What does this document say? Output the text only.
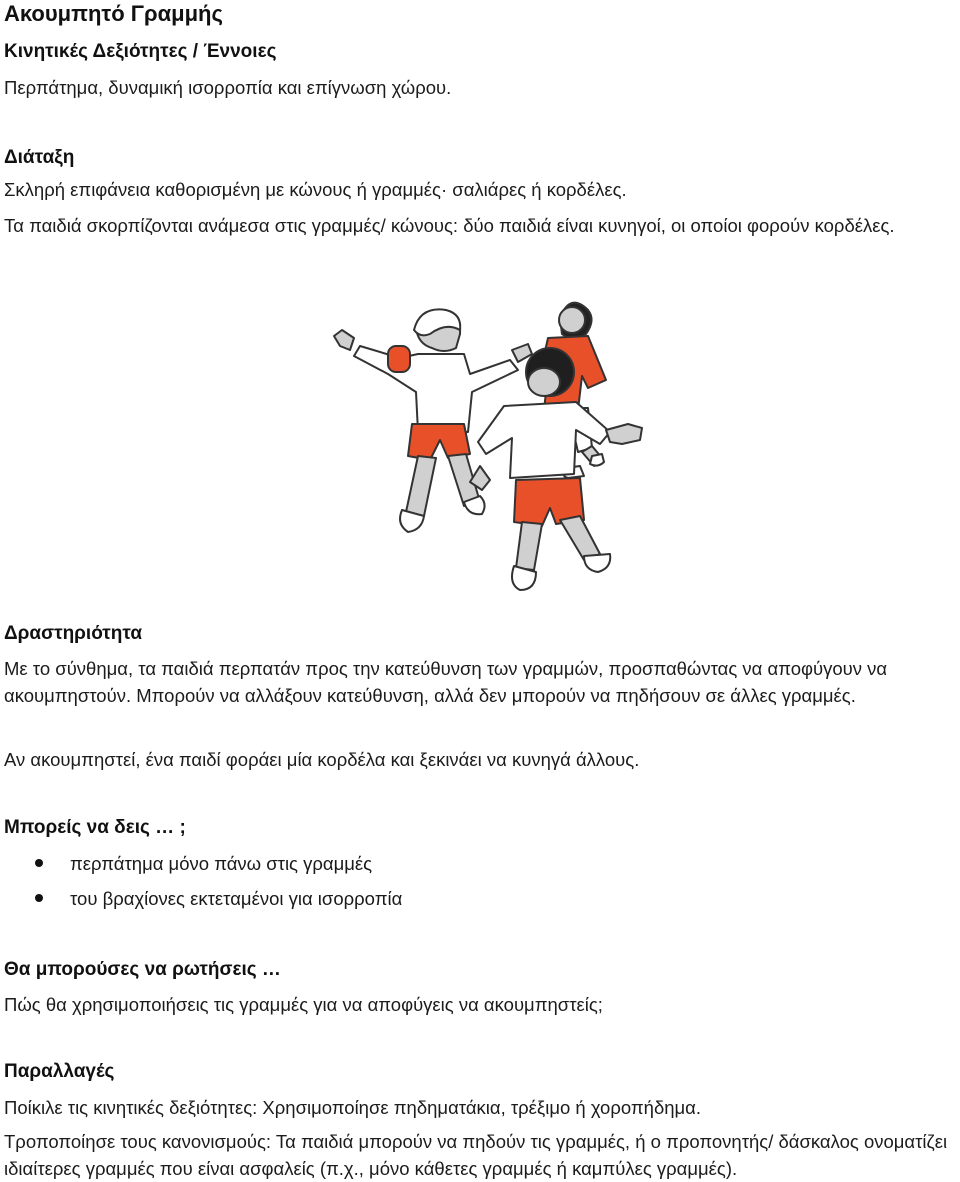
Ακουμπητό Γραμμής
Κινητικές Δεξιότητες / Έννοιες
Περπάτημα, δυναμική ισορροπία και επίγνωση χώρου.
Διάταξη
Σκληρή επιφάνεια καθορισμένη με κώνους ή γραμμές· σαλιάρες ή κορδέλες.
Τα παιδιά σκορπίζονται ανάμεσα στις γραμμές/ κώνους: δύο παιδιά είναι κυνηγοί, οι οποίοι φορούν κορδέλες.
Δραστηριότητα
Με το σύνθημα, τα παιδιά περπατάν προς την κατεύθυνση των γραμμών, προσπαθώντας να αποφύγουν να ακουμπηστούν. Μπορούν να αλλάξουν κατεύθυνση, αλλά δεν μπορούν να πηδήσουν σε άλλες γραμμές.
Αν ακουμπηστεί, ένα παιδί φοράει μία κορδέλα και ξεκινάει να κυνηγά άλλους.
Μπορείς να δεις … ;
περπάτημα μόνο πάνω στις γραμμές
του βραχίονες εκτεταμένοι για ισορροπία
Θα μπορούσες να ρωτήσεις …
Πώς θα χρησιμοποιήσεις τις γραμμές για να αποφύγεις να ακουμπηστείς;
Παραλλαγές
Ποίκιλε τις κινητικές δεξιότητες: Χρησιμοποίησε πηδηματάκια, τρέξιμο ή χοροπήδημα.
Τροποποίησε τους κανονισμούς: Τα παιδιά μπορούν να πηδούν τις γραμμές, ή ο προπονητής/ δάσκαλος ονοματίζει ιδιαίτερες γραμμές που είναι ασφαλείς (π.χ., μόνο κάθετες γραμμές ή καμπύλες γραμμές).
